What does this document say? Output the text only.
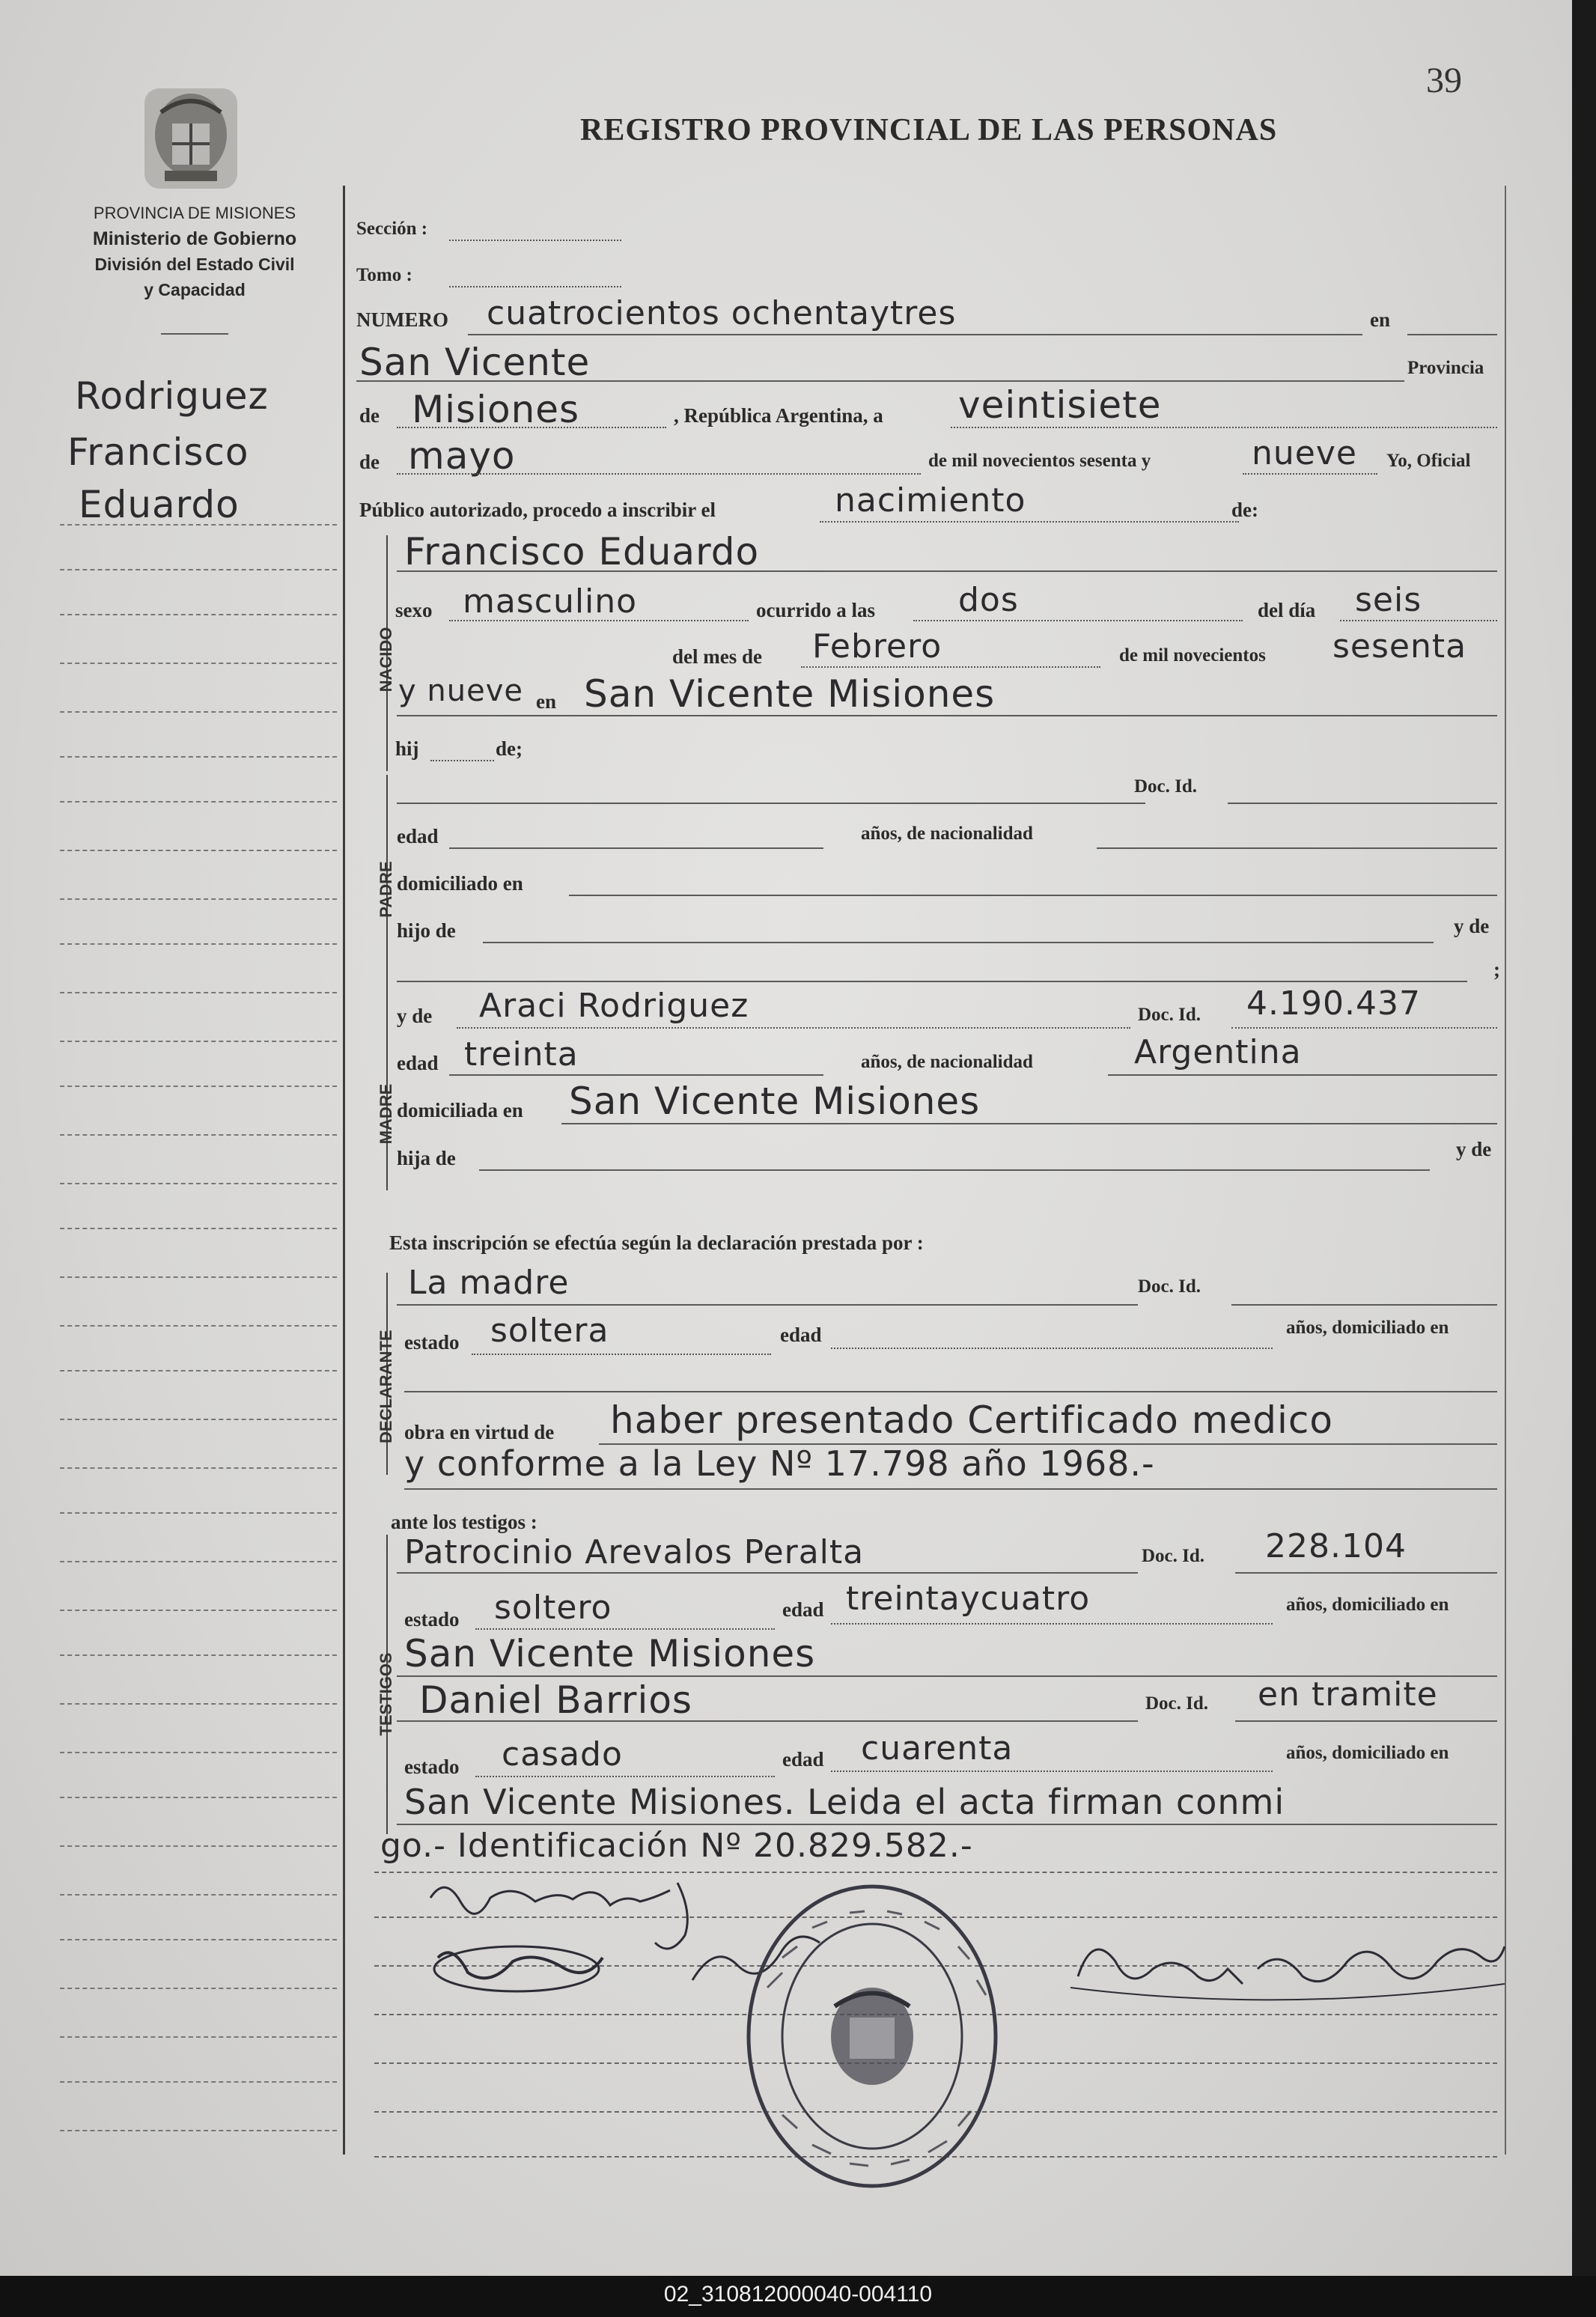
39
PROVINCIA DE MISIONES
Ministerio de Gobierno
División del Estado Civil
y Capacidad
REGISTRO PROVINCIAL DE LAS PERSONAS
Rodriguez
Francisco
Eduardo
Sección :
Tomo :
NUMERO cuatrocientos ochentaytres	en
San Vicente	Provincia
de Misiones	, República Argentina, a veintisiete
de mayo	de mil novecientos sesenta y	nueve Yo, Oficial
Público autorizado, procedo a inscribir el	nacimiento	de:
NACIDO
Francisco Eduardo
sexo masculino	ocurrido a las	dos	del día seis
del mes de Febrero	de mil novecientos sesenta
y nueve en San Vicente Misiones
hij	de;
PADRE
Doc. Id.
edad	años, de nacionalidad
domiciliado en
hijo de	y de
;
MADRE
y de Araci Rodriguez	Doc. Id. 4.190.437
edad treinta	años, de nacionalidad	Argentina
domiciliada en San Vicente Misiones
hija de	y de
Esta inscripción se efectúa según la declaración prestada por :
DECLARANTE
La madre	Doc. Id.
estado soltera	edad	años, domiciliado en
obra en virtud de haber presentado Certificado medico
y conforme a la Ley Nº 17.798 año 1968.-
ante los testigos :
TESTIGOS
Patrocinio Arevalos Peralta	Doc. Id. 228.104
estado soltero	edad treintaycuatro	años, domiciliado en
San Vicente Misiones
Daniel Barrios	Doc. Id. en tramite
estado casado	edad cuarenta	años, domiciliado en
San Vicente Misiones. Leida el acta firman conmi
go.- Identificación Nº 20.829.582.-
02_310812000040-004110
